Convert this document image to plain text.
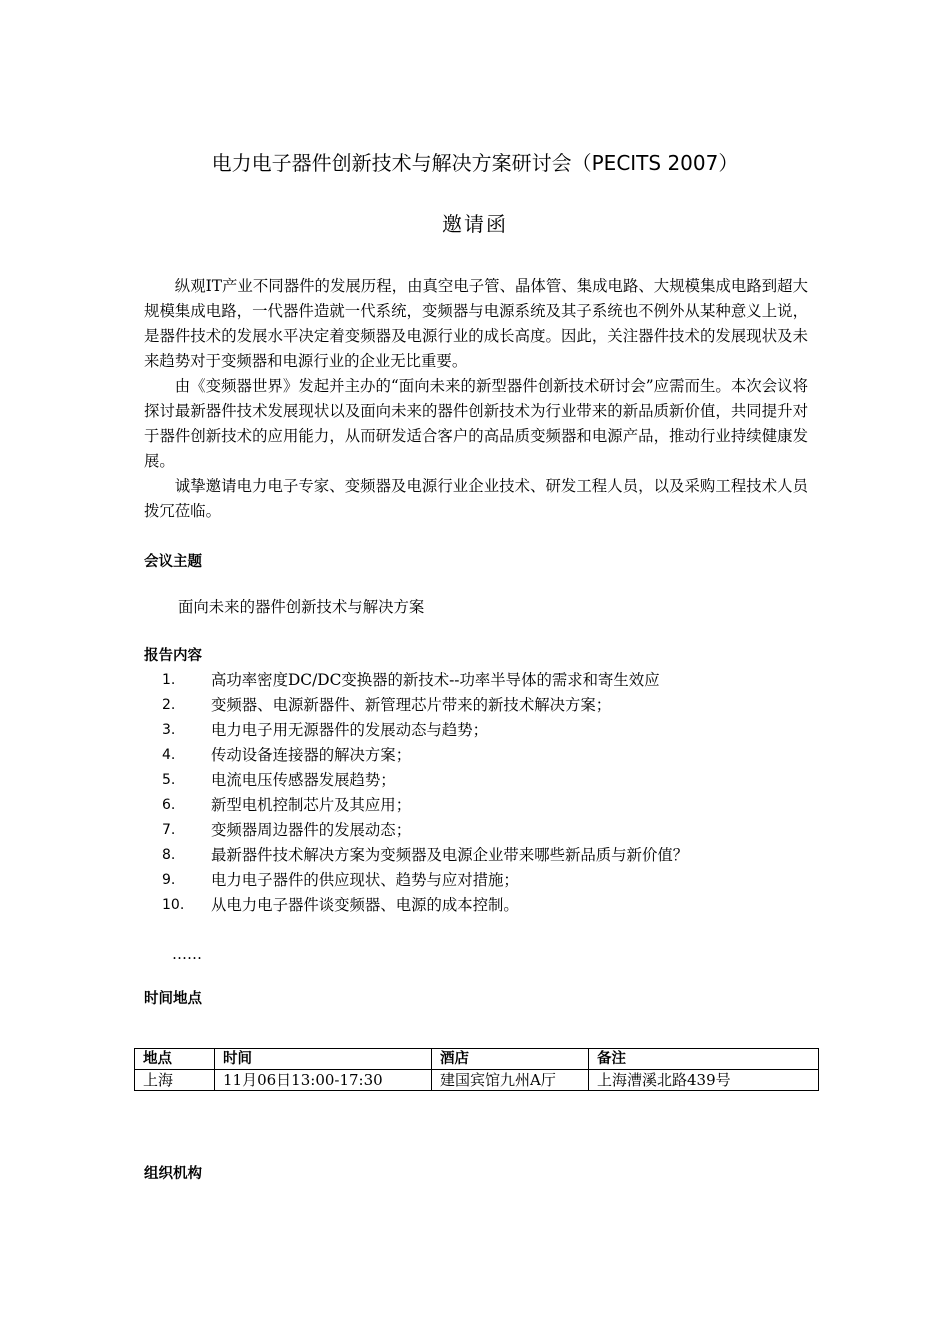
电力电子器件创新技术与解决方案研讨会（PECITS 2007）
邀请函

纵观IT产业不同器件的发展历程，由真空电子管、晶体管、集成电路、大规模集成电路到超大规模集成电路，一代器件造就一代系统，变频器与电源系统及其子系统也不例外从某种意义上说，是器件技术的发展水平决定着变频器及电源行业的成长高度。因此，关注器件技术的发展现状及未来趋势对于变频器和电源行业的企业无比重要。

由《变频器世界》发起并主办的“面向未来的新型器件创新技术研讨会”应需而生。本次会议将探讨最新器件技术发展现状以及面向未来的器件创新技术为行业带来的新品质新价值，共同提升对于器件创新技术的应用能力，从而研发适合客户的高品质变频器和电源产品，推动行业持续健康发展。

诚挚邀请电力电子专家、变频器及电源行业企业技术、研发工程人员，以及采购工程技术人员拨冗莅临。

会议主题
面向未来的器件创新技术与解决方案
报告内容
1.	高功率密度DC/DC变换器的新技术--功率半导体的需求和寄生效应
2.	变频器、电源新器件、新管理芯片带来的新技术解决方案；
3.	电力电子用无源器件的发展动态与趋势；
4.	传动设备连接器的解决方案；
5.	电流电压传感器发展趋势；
6.	新型电机控制芯片及其应用；
7.	变频器周边器件的发展动态；
8.	最新器件技术解决方案为变频器及电源企业带来哪些新品质与新价值？
9.	电力电子器件的供应现状、趋势与应对措施；
10.	从电力电子器件谈变频器、电源的成本控制。
……
时间地点
地点	时间	酒店	备注
上海	11月06日13:00-17:30	建国宾馆九州A厅	上海漕溪北路439号
组织机构
